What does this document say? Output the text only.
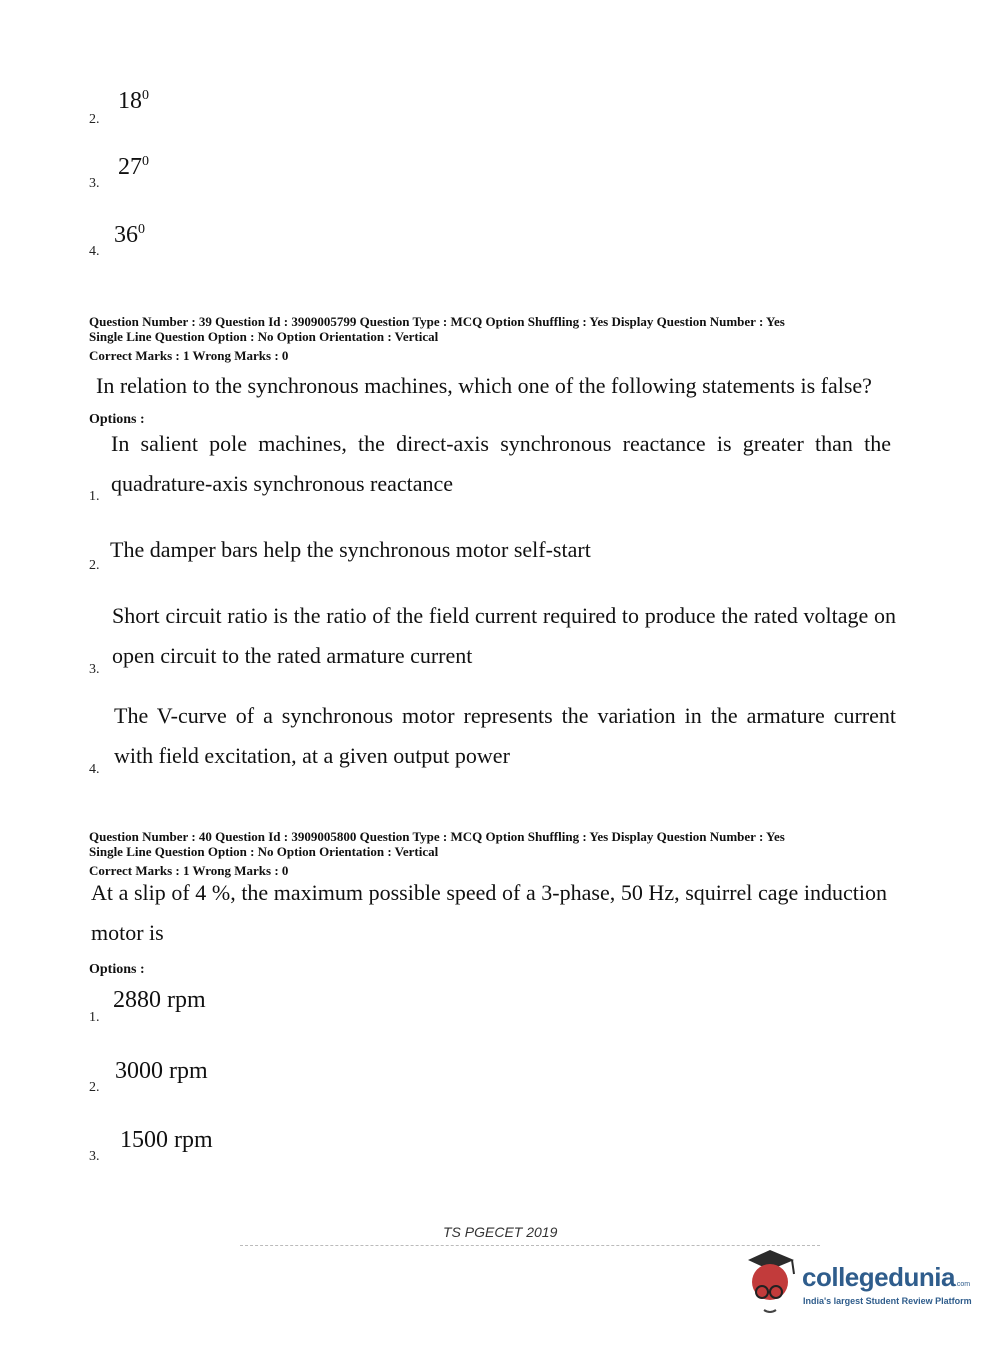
2.
$18^0$
3.
$27^0$
4.
$36^0$
Question Number : 39 Question Id : 3909005799 Question Type : MCQ Option Shuffling : Yes Display Question Number : Yes
Single Line Question Option : No Option Orientation : Vertical
Correct Marks : 1 Wrong Marks : 0
In relation to the synchronous machines, which one of the following statements is false?
Options :
1.
In salient pole machines, the direct-axis synchronous reactance is greater than the quadrature-axis synchronous reactance
2.
The damper bars help the synchronous motor self-start
3.
Short circuit ratio is the ratio of the field current required to produce the rated voltage on open circuit to the rated armature current
4.
The V-curve of a synchronous motor represents the variation in the armature current with field excitation, at a given output power
Question Number : 40 Question Id : 3909005800 Question Type : MCQ Option Shuffling : Yes Display Question Number : Yes
Single Line Question Option : No Option Orientation : Vertical
Correct Marks : 1 Wrong Marks : 0
At a slip of 4 %, the maximum possible speed of a 3-phase, 50 Hz, squirrel cage induction motor is
Options :
1.
2880 rpm
2.
3000 rpm
3.
1500 rpm
TS PGECET 2019
collegedunia.com
India's largest Student Review Platform
